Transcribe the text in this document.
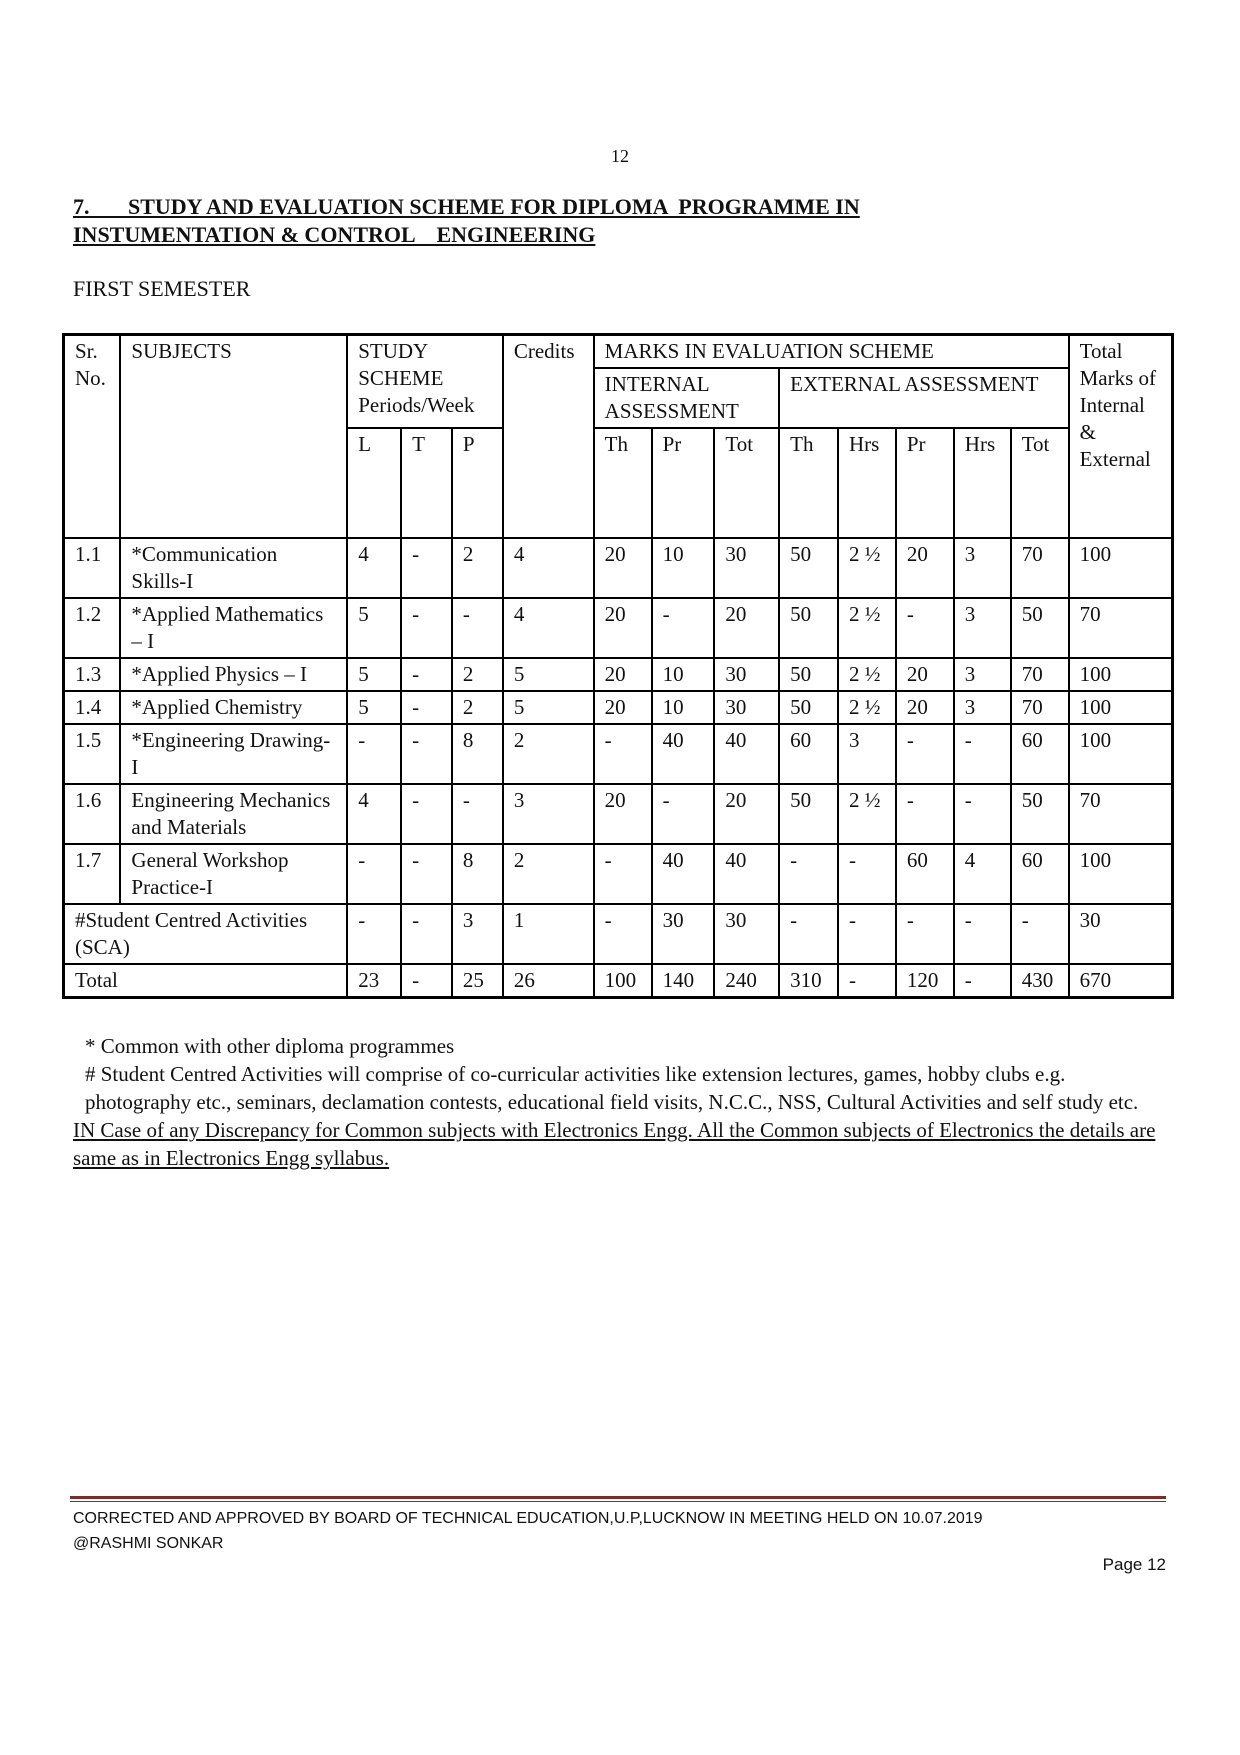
12
7.       STUDY AND EVALUATION SCHEME FOR DIPLOMA  PROGRAMME IN
INSTUMENTATION & CONTROL    ENGINEERING
FIRST SEMESTER
Sr. No.	SUBJECTS	STUDY SCHEME Periods/Week			Credits	MARKS IN EVALUATION SCHEME								Total Marks of Internal & External
						INTERNAL ASSESSMENT			EXTERNAL ASSESSMENT					
		L	T	P		Th	Pr	Tot	Th	Hrs	Pr	Hrs	Tot	
1.1	*Communication Skills-I	4	-	2	4	20	10	30	50	2 ½	20	3	70	100
1.2	*Applied Mathematics – I	5	-	-	4	20	-	20	50	2 ½	-	3	50	70
1.3	*Applied Physics – I	5	-	2	5	20	10	30	50	2 ½	20	3	70	100
1.4	*Applied Chemistry	5	-	2	5	20	10	30	50	2 ½	20	3	70	100
1.5	*Engineering Drawing-I	-	-	8	2	-	40	40	60	3	-	-	60	100
1.6	Engineering Mechanics and Materials	4	-	-	3	20	-	20	50	2 ½	-	-	50	70
1.7	General Workshop Practice-I	-	-	8	2	-	40	40	-	-	60	4	60	100
#Student Centred Activities (SCA)		-	-	3	1	-	30	30	-	-	-	-	-	30
Total		23	-	25	26	100	140	240	310	-	120	-	430	670

* Common with other diploma programmes

# Student Centred Activities will comprise of co-curricular activities like extension lectures, games, hobby clubs e.g. photography etc., seminars, declamation contests, educational field visits, N.C.C., NSS, Cultural Activities and self study etc.

IN Case of any Discrepancy for Common subjects with Electronics Engg. All the Common subjects of Electronics the details are same as in Electronics Engg syllabus.

CORRECTED AND APPROVED BY BOARD OF TECHNICAL EDUCATION,U.P,LUCKNOW IN MEETING HELD ON 10.07.2019
@RASHMI SONKAR
Page 12
